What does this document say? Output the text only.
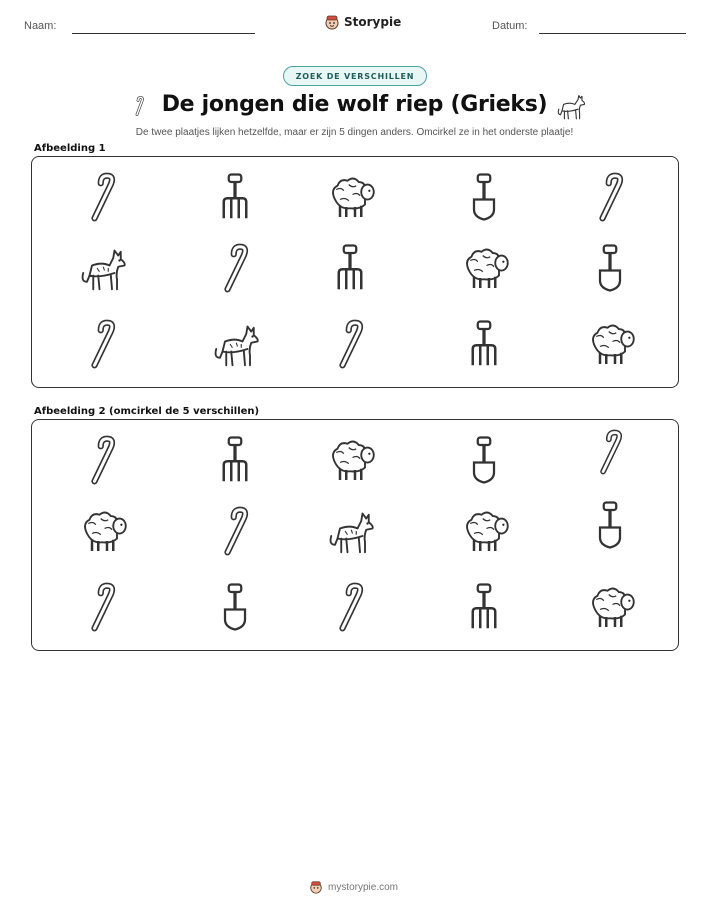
Naam:	Storypie	Datum:
ZOEK DE VERSCHILLEN
De jongen die wolf riep (Grieks)
De twee plaatjes lijken hetzelfde, maar er zijn 5 dingen anders. Omcirkel ze in het onderste plaatje!
Afbeelding 1
Afbeelding 2 (omcirkel de 5 verschillen)
mystorypie.com
